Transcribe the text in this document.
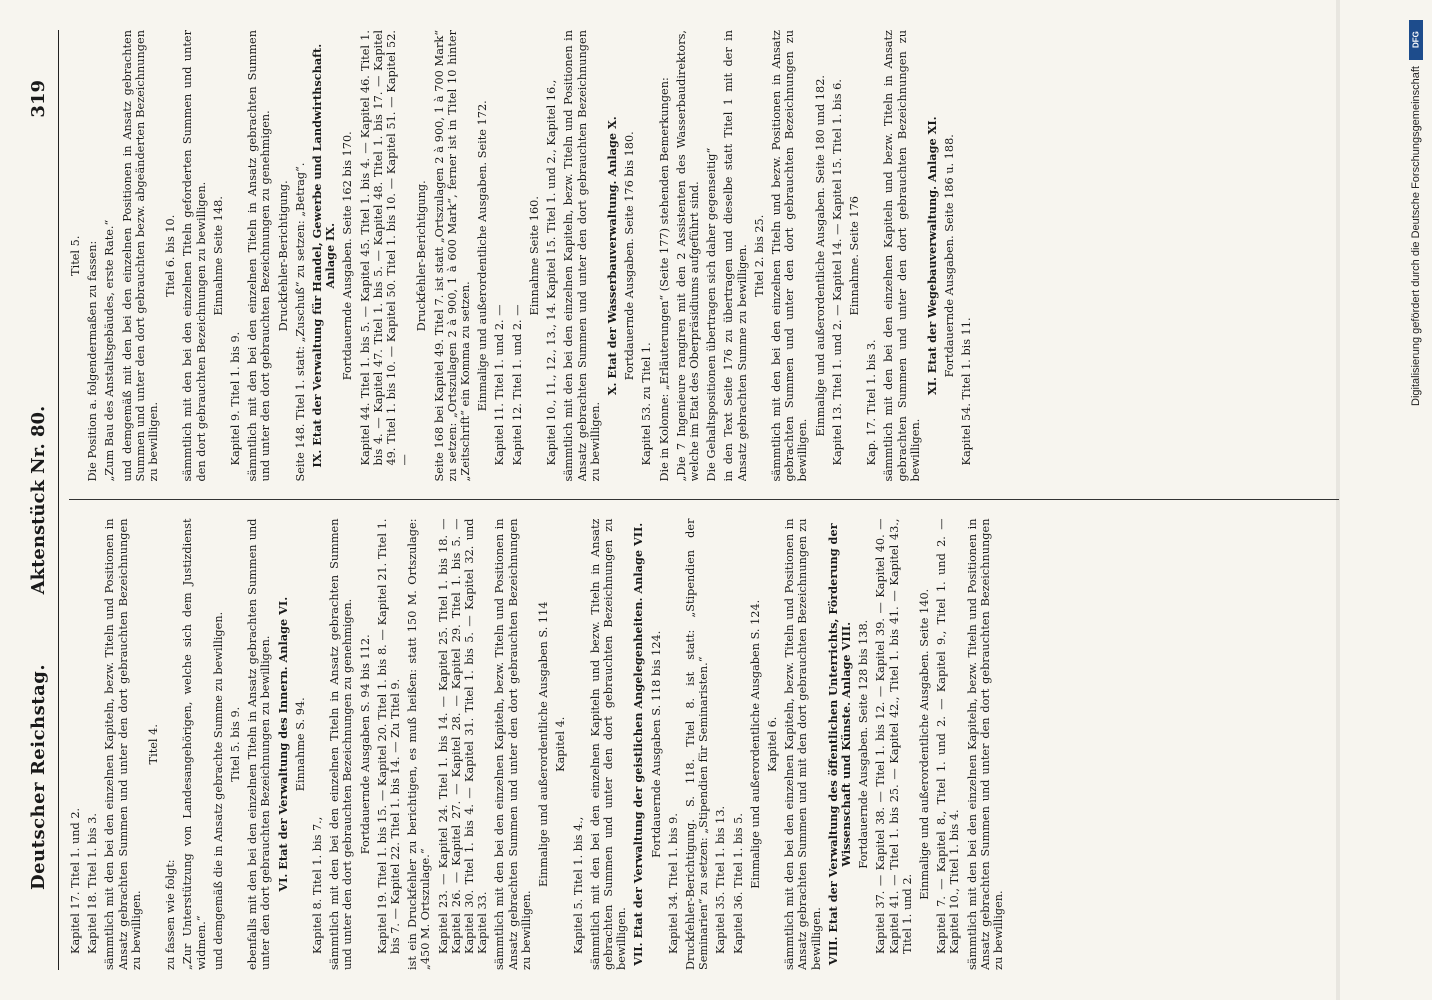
Deutscher Reichstag.
Aktenstück Nr. 80.
319
Kapitel 17. Titel 1. und 2. Kapitel 18. Titel 1. bis 3. sämmtlich mit den bei den einzelnen Kapiteln, bezw. Titeln und Positionen in Ansatz gebrachten Summen und unter den dort gebrauchten Bezeichnungen zu bewilligen.
Titel 4.
zu fassen wie folgt: „Zur Unterstützung von Landesangehörigen, welche sich dem Justizdienst widmen.“ und demgemäß die in Ansatz gebrachte Summe zu bewilligen. Titel 5. bis 9. ebenfalls mit den bei den einzelnen Titeln in Ansatz gebrachten Summen und unter den dort gebrauchten Bezeichnungen zu bewilligen. VI. Etat der Verwaltung des Innern. Anlage VI. Einnahme S. 94.
Kapitel 8. Titel 1. bis 7., sämmtlich mit den bei den einzelnen Titeln in Ansatz gebrachten Summen und unter den dort gebrauchten Bezeichnungen zu genehmigen. Fortdauernde Ausgaben S. 94 bis 112. Kapitel 19. Titel 1. bis 15. — Kapitel 20. Titel 1. bis 8. — Kapitel 21. Titel 1. bis 7. — Kapitel 22. Titel 1. bis 14. — Zu Titel 9. ist ein Druckfehler zu berichtigen, es muß heißen: statt 150 M. Ortszulage: „450 M. Ortszulage.“ Kapitel 23. — Kapitel 24. Titel 1. bis 14. — Kapitel 25. Titel 1. bis 18. — Kapitel 26. — Kapitel 27. — Kapitel 28. — Kapitel 29. Titel 1. bis 5. — Kapitel 30. Titel 1. bis 4. — Kapitel 31. Titel 1. bis 5. — Kapitel 32. und Kapitel 33. sämmtlich mit den bei den einzelnen Kapiteln, bezw. Titeln und Positionen in Ansatz gebrachten Summen und unter den dort gebrauchten Bezeichnungen zu bewilligen.
Einmalige und außerordentliche Ausgaben S. 114 Kapitel 4.
Kapitel 5. Titel 1. bis 4., sämmtlich mit den bei den einzelnen Kapiteln und bezw. Titeln in Ansatz gebrachten Summen und unter den dort gebrauchten Bezeichnungen zu bewilligen. VII. Etat der Verwaltung der geistlichen Angelegenheiten. Anlage VII. Fortdauernde Ausgaben S. 118 bis 124.
Kapitel 34. Titel 1. bis 9. Druckfehler-Berichtigung. S. 118. Titel 8. ist statt: „Stipendien der Seminarien“ zu setzen: „Stipendien für Seminaristen.“ Kapitel 35. Titel 1. bis 13. Kapitel 36. Titel 1. bis 5. Einmalige und außerordentliche Ausgaben S. 124. Kapitel 6. sämmtlich mit den bei den einzelnen Kapiteln, bezw. Titeln und Positionen in Ansatz gebrachten Summen und mit den dort gebrauchten Bezeichnungen zu bewilligen. VIII. Etat der Verwaltung des öffentlichen Unterrichts, Förderung der Wissenschaft und Künste. Anlage VIII. Fortdauernde Ausgaben. Seite 128 bis 138. Kapitel 37. — Kapitel 38. — Titel 1. bis 12. — Kapitel 39. — Kapitel 40. — Kapitel 41. — Titel 1. bis 25. — Kapitel 42., Titel 1. bis 41. — Kapitel 43., Titel 1. und 2.
Einmalige und außerordentliche Ausgaben. Seite 140. Kapitel 7. — Kapitel 8., Titel 1. und 2. — Kapitel 9., Titel 1. und 2. — Kapitel 10., Titel 1. bis 4. sämmtlich mit den bei den einzelnen Kapiteln, bezw. Titeln und Positionen in Ansatz gebrachten Summen und unter den dort gebrauchten Bezeichnungen zu bewilligen.
Titel 5. Die Position a. folgendermaßen zu fassen: „Zum Bau des Anstaltsgebäudes, erste Rate.“ und demgemäß mit den bei den einzelnen Positionen in Ansatz gebrachten Summen und unter den dort gebrauchten bezw. abgeänderten Bezeichnungen zu bewilligen.
Titel 6. bis 10. sämmtlich mit den bei den einzelnen Titeln geforderten Summen und unter den dort gebrauchten Bezeichnungen zu bewilligen. Einnahme Seite 148.
Kapitel 9. Titel 1. bis 9. sämmtlich mit den bei den einzelnen Titeln in Ansatz gebrachten Summen und unter den dort gebrauchten Bezeichnungen zu genehmigen. Druckfehler-Berichtigung. Seite 148. Titel 1. statt: „Zuschuß“ zu setzen: „Betrag“. IX. Etat der Verwaltung für Handel, Gewerbe und Landwirthschaft. Anlage IX. Fortdauernde Ausgaben. Seite 162 bis 170. Kapitel 44. Titel 1. bis 5. — Kapitel 45. Titel 1. bis 4. — Kapitel 46. Titel 1. bis 4. — Kapitel 47. Titel 1. bis 5. — Kapitel 48. Titel 1. bis 17. — Kapitel 49. Titel 1. bis 10. — Kapitel 50. Titel 1. bis 10. — Kapitel 51. — Kapitel 52. —
Druckfehler-Berichtigung. Seite 168 bei Kapitel 49. Titel 7. ist statt „Ortszulagen 2 à 900, 1 à 700 Mark“ zu setzen: „Ortszulagen 2 à 900, 1 à 600 Mark“, ferner ist in Titel 10 hinter „Zeitschrift“ ein Komma zu setzen. Einmalige und außerordentliche Ausgaben. Seite 172. Kapitel 11. Titel 1. und 2. — Kapitel 12. Titel 1. und 2. —
Einnahme Seite 160. Kapitel 10., 11., 12., 13., 14. Kapitel 15. Titel 1. und 2., Kapitel 16., sämmtlich mit den bei den einzelnen Kapiteln, bezw. Titeln und Positionen in Ansatz gebrachten Summen und unter den dort gebrauchten Bezeichnungen zu bewilligen.
X. Etat der Wasserbauverwaltung. Anlage X. Fortdauernde Ausgaben. Seite 176 bis 180.
Kapitel 53. zu Titel 1. Die in Kolonne: „Erläuterungen“ (Seite 177) stehenden Bemerkungen: „Die 7 Ingenieure rangiren mit den 2 Assistenten des Wasserbaudirektors, welche im Etat des Oberpräsidiums aufgeführt sind. Die Gehaltspositionen übertragen sich daher gegenseitig“ in den Text Seite 176 zu übertragen und dieselbe statt Titel 1 mit der in Ansatz gebrachten Summe zu bewilligen. Titel 2. bis 25. sämmtlich mit den bei den einzelnen Titeln und bezw. Positionen in Ansatz gebrachten Summen und unter den dort gebrauchten Bezeichnungen zu bewilligen.
Einmalige und außerordentliche Ausgaben. Seite 180 und 182. Kapitel 13. Titel 1. und 2. — Kapitel 14. — Kapitel 15. Titel 1. bis 6. Einnahme. Seite 176
Kap. 17. Titel 1. bis 3. sämmtlich mit den bei den einzelnen Kapiteln und bezw. Titeln in Ansatz gebrachten Summen und unter den dort gebrauchten Bezeichnungen zu bewilligen.
XI. Etat der Wegebauverwaltung. Anlage XI. Fortdauernde Ausgaben. Seite 186 u. 188.
Kapitel 54. Titel 1. bis 11.
DFG
Digitalisierung gefördert durch die Deutsche Forschungsgemeinschaft
